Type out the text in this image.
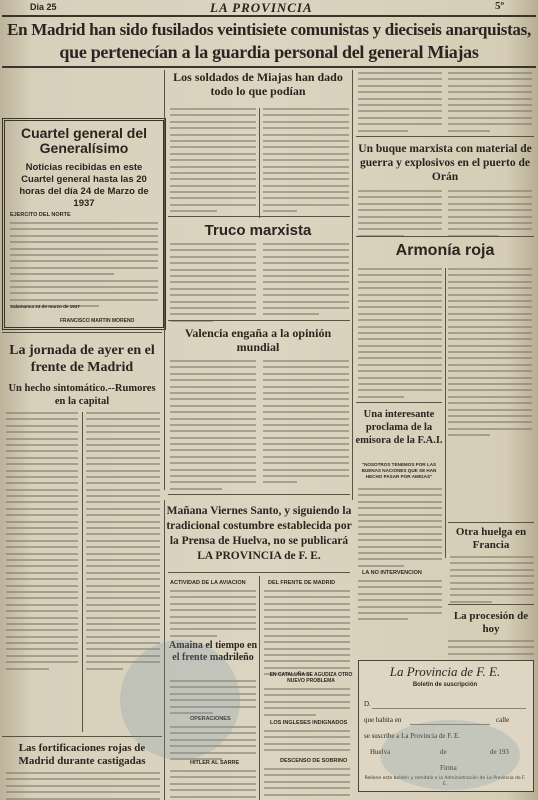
Dia 25	LA PROVINCIA	5º
En Madrid han sido fusilados veintisiete comunistas y dieciseis anarquistas,
que pertenecían a la guardia personal del general Miajas
Cuartel general del
Generalísimo
Noticias recibidas en este Cuartel general hasta las 20 horas del día 24 de Marzo de 1937
EJERCITO DEL NORTE
Salamanca 24 de marzo de 1937
FRANCISCO MARTIN MORENO
Los soldados de Miajas han dado todo lo que podían
Truco marxista
Valencia engaña a la opinión mundial
La jornada de ayer en el frente de Madrid
Un hecho sintomático.--Rumores en la capital
Mañana Viernes Santo, y siguiendo la tradicional costumbre establecida por la Prensa de Huelva, no se publicará LA PROVINCIA de F. E.
ACTIVIDAD DE LA AVIACION	DEL FRENTE DE MADRID
Amaina el tiempo en el frente madrileño
OPERACIONES
HITLER AL SARRE
EN CATALUÑA SE AGUDIZA OTRO NUEVO PROBLEMA
LOS INGLESES INDIGNADOS
DESCENSO DE SOBRINO
Las fortificaciones rojas de Madrid durante castigadas
Un buque marxista con material de guerra y explosivos en el puerto de Orán
Armonía roja
Una interesante proclama de la emisora de la F.A.I.
"NOSOTROS TENEMOS POR LAS BUENAS NACIONES QUE SE HAN HECHO PASAR POR AMIGAS"
LA NO INTERVENCION
Otra huelga en Francia
La procesión de hoy
La Provincia de F. E.
Boletín de suscripción
D.
que habita en	calle
se suscribe a La Provincia de F. E.
Huelva	de	de 193
Firma
Rellene este boletín y remítalo a la Administración de La Provincia de F. E.
